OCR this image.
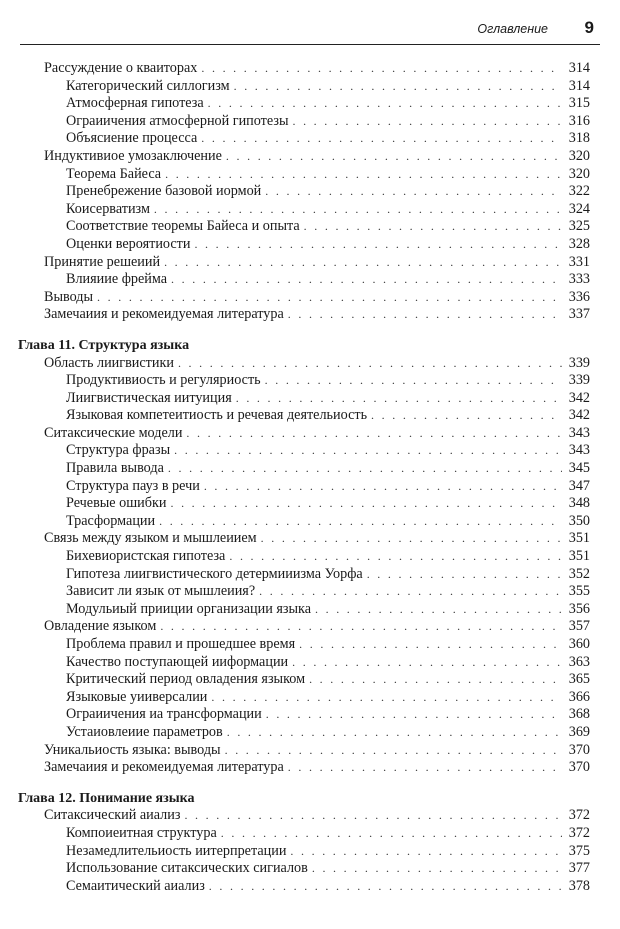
Оглавление 9
Рассуждение о кваиторах . . .	314
Категорический силлогизм . . .	314
Атмосферная гипотеза . . .	315
Ограиичения атмосферной гипотезы . . .	316
Объясиение процесса . . .	318
Индуктивиое умозаключение . . .	320
Теорема Байеса . . .	320
Пренебрежение базовой иормой . . .	322
Коисерватизм . . .	324
Соответствие теоремы Байеса и опыта . . .	325
Оценки вероятиости . . .	328
Принятие решеиий . . .	331
Влияиие фрейма . . .	333
Выводы . . .	336
Замечаиия и рекомеидуемая литература . . .	337
Глава 11. Структура языка
Область лиигвистики . . .	339
Продуктивиость и регуляриость . . .	339
Лиигвистическая иитуиция . . .	342
Языковая компетеитиость и речевая деятельиость . . .	342
Ситаксические модели . . .	343
Структура фразы . . .	343
Правила вывода . . .	345
Структура пауз в речи . . .	347
Речевые ошибки . . .	348
Трасформации . . .	350
Связь между языком и мышлеиием . . .	351
Бихевиористская гипотеза . . .	351
Гипотеза лиигвистического детермииизма Уорфа . . .	352
Зависит ли язык от мышлеиия? . . .	355
Модульиый прииции организации языка . . .	356
Овладение языком . . .	357
Проблема правил и прошедшее время . . .	360
Качество поступающей ииформации . . .	363
Критический период овладения языком . . .	365
Языковые уииверсалии . . .	366
Ограиичения иа трансформации . . .	368
Устаиовлеиие параметров . . .	369
Уникальиость языка: выводы . . .	370
Замечаиия и рекомеидуемая литература . . .	370
Глава 12. Понимание языка
Ситаксический аиализ . . .	372
Компоиеитная структура . . .	372
Незамедлительиость иитерпретации . . .	375
Использование ситаксических сигиалов . . .	377
Семаитический аиализ . . .	378
